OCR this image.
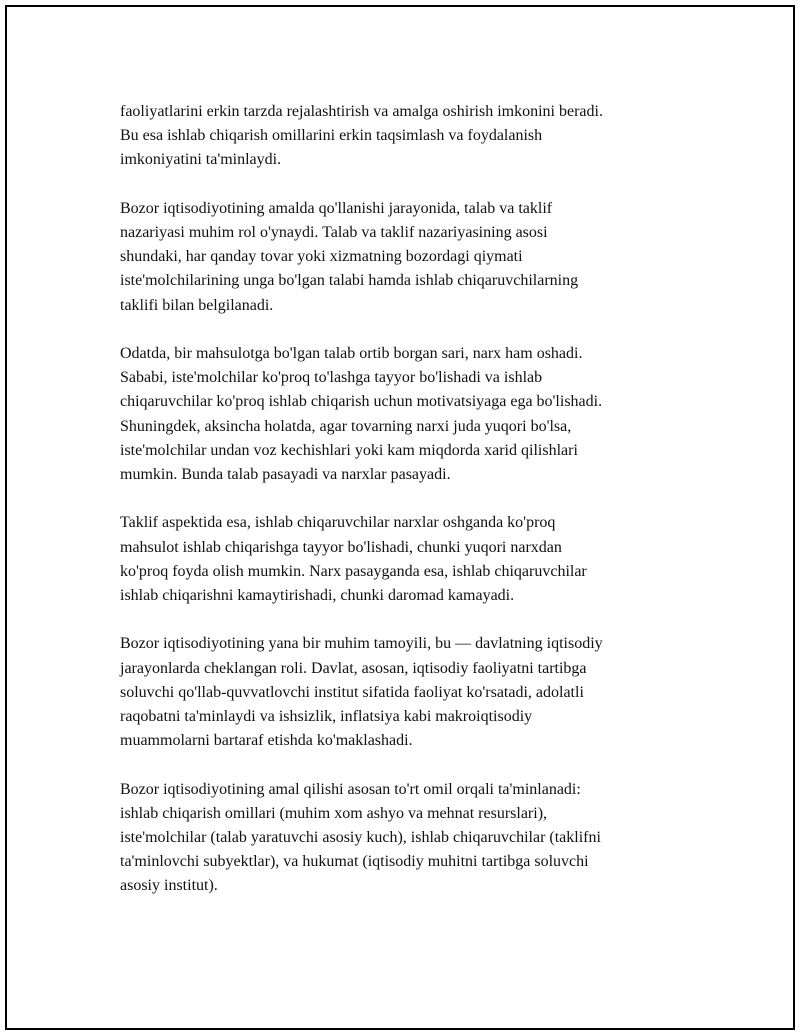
faoliyatlarini erkin tarzda rejalashtirish va amalga oshirish imkonini beradi.
Bu esa ishlab chiqarish omillarini erkin taqsimlash va foydalanish
imkoniyatini ta'minlaydi.

Bozor iqtisodiyotining amalda qo'llanishi jarayonida, talab va taklif
nazariyasi muhim rol o'ynaydi. Talab va taklif nazariyasining asosi
shundaki, har qanday tovar yoki xizmatning bozordagi qiymati
iste'molchilarining unga bo'lgan talabi hamda ishlab chiqaruvchilarning
taklifi bilan belgilanadi.

Odatda, bir mahsulotga bo'lgan talab ortib borgan sari, narx ham oshadi.
Sababi, iste'molchilar ko'proq to'lashga tayyor bo'lishadi va ishlab
chiqaruvchilar ko'proq ishlab chiqarish uchun motivatsiyaga ega bo'lishadi.
Shuningdek, aksincha holatda, agar tovarning narxi juda yuqori bo'lsa,
iste'molchilar undan voz kechishlari yoki kam miqdorda xarid qilishlari
mumkin. Bunda talab pasayadi va narxlar pasayadi.

Taklif aspektida esa, ishlab chiqaruvchilar narxlar oshganda ko'proq
mahsulot ishlab chiqarishga tayyor bo'lishadi, chunki yuqori narxdan
ko'proq foyda olish mumkin. Narx pasayganda esa, ishlab chiqaruvchilar
ishlab chiqarishni kamaytirishadi, chunki daromad kamayadi.

Bozor iqtisodiyotining yana bir muhim tamoyili, bu — davlatning iqtisodiy
jarayonlarda cheklangan roli. Davlat, asosan, iqtisodiy faoliyatni tartibga
soluvchi qo'llab-quvvatlovchi institut sifatida faoliyat ko'rsatadi, adolatli
raqobatni ta'minlaydi va ishsizlik, inflatsiya kabi makroiqtisodiy
muammolarni bartaraf etishda ko'maklashadi.

Bozor iqtisodiyotining amal qilishi asosan to'rt omil orqali ta'minlanadi:
ishlab chiqarish omillari (muhim xom ashyo va mehnat resurslari),
iste'molchilar (talab yaratuvchi asosiy kuch), ishlab chiqaruvchilar (taklifni
ta'minlovchi subyektlar), va hukumat (iqtisodiy muhitni tartibga soluvchi
asosiy institut).
